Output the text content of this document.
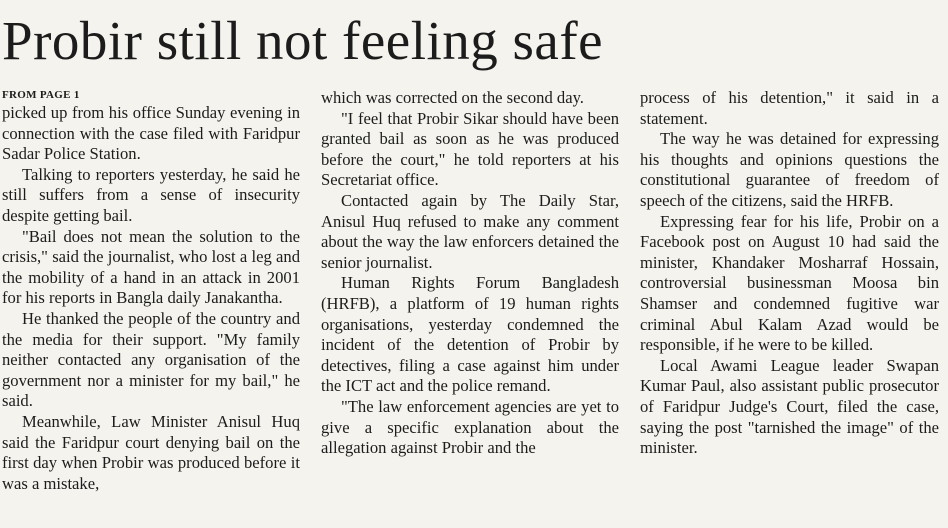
Probir still not feeling safe
FROM PAGE 1

picked up from his office Sunday evening in connection with the case filed with Faridpur Sadar Police Station.

Talking to reporters yesterday, he said he still suffers from a sense of insecurity despite getting bail.

"Bail does not mean the solution to the crisis," said the journalist, who lost a leg and the mobility of a hand in an attack in 2001 for his reports in Bangla daily Janakantha.

He thanked the people of the country and the media for their support. "My family neither contacted any organisation of the government nor a minister for my bail," he said.

Meanwhile, Law Minister Anisul Huq said the Faridpur court denying bail on the first day when Probir was produced before it was a mistake,

which was corrected on the second day.

"I feel that Probir Sikar should have been granted bail as soon as he was produced before the court," he told reporters at his Secretariat office.

Contacted again by The Daily Star, Anisul Huq refused to make any comment about the way the law enforcers detained the senior journalist.

Human Rights Forum Bangladesh (HRFB), a platform of 19 human rights organisations, yesterday condemned the incident of the detention of Probir by detectives, filing a case against him under the ICT act and the police remand.

"The law enforcement agencies are yet to give a specific explanation about the allegation against Probir and the

process of his detention," it said in a statement.

The way he was detained for expressing his thoughts and opinions questions the constitutional guarantee of freedom of speech of the citizens, said the HRFB.

Expressing fear for his life, Probir on a Facebook post on August 10 had said the minister, Khandaker Mosharraf Hossain, controversial businessman Moosa bin Shamser and condemned fugitive war criminal Abul Kalam Azad would be responsible, if he were to be killed.

Local Awami League leader Swapan Kumar Paul, also assistant public prosecutor of Faridpur Judge's Court, filed the case, saying the post "tarnished the image" of the minister.
